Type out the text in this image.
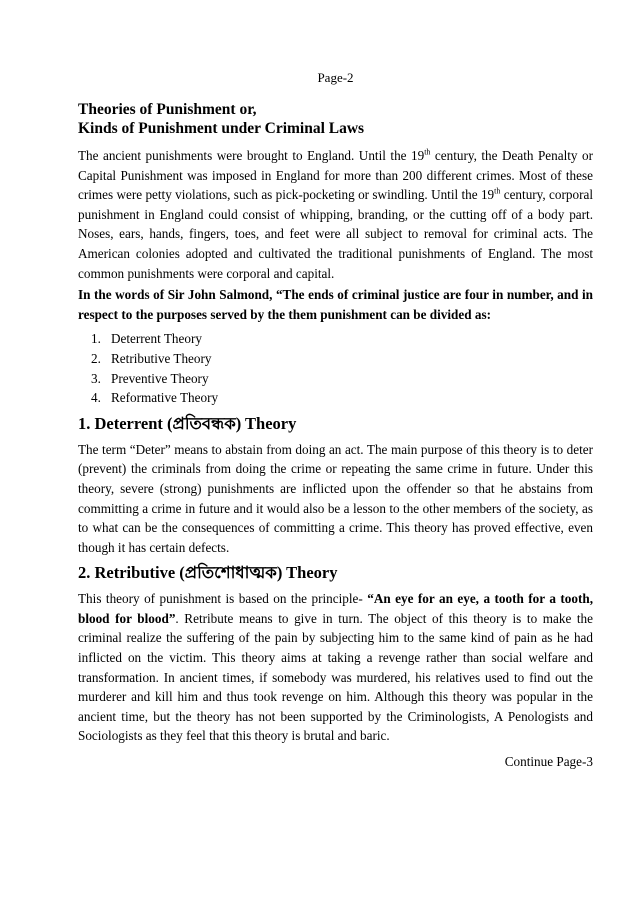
Page-2
Theories of Punishment or,
Kinds of Punishment under Criminal Laws

The ancient punishments were brought to England. Until the 19th century, the Death Penalty or Capital Punishment was imposed in England for more than 200 different crimes. Most of these crimes were petty violations, such as pick-pocketing or swindling. Until the 19th century, corporal punishment in England could consist of whipping, branding, or the cutting off of a body part. Noses, ears, hands, fingers, toes, and feet were all subject to removal for criminal acts. The American colonies adopted and cultivated the traditional punishments of England. The most common punishments were corporal and capital.

In the words of Sir John Salmond, “The ends of criminal justice are four in number, and in respect to the purposes served by the them punishment can be divided as:

1. Deterrent Theory
2. Retributive Theory
3. Preventive Theory
4. Reformative Theory
1. Deterrent (প্রতিবন্ধক) Theory

The term “Deter” means to abstain from doing an act. The main purpose of this theory is to deter (prevent) the criminals from doing the crime or repeating the same crime in future. Under this theory, severe (strong) punishments are inflicted upon the offender so that he abstains from committing a crime in future and it would also be a lesson to the other members of the society, as to what can be the consequences of committing a crime. This theory has proved effective, even though it has certain defects.

2. Retributive (প্রতিশোধাত্মক) Theory

This theory of punishment is based on the principle- “An eye for an eye, a tooth for a tooth, blood for blood”. Retribute means to give in turn. The object of this theory is to make the criminal realize the suffering of the pain by subjecting him to the same kind of pain as he had inflicted on the victim. This theory aims at taking a revenge rather than social welfare and transformation. In ancient times, if somebody was murdered, his relatives used to find out the murderer and kill him and thus took revenge on him. Although this theory was popular in the ancient time, but the theory has not been supported by the Criminologists, A Penologists and Sociologists as they feel that this theory is brutal and baric.

Continue Page-3
